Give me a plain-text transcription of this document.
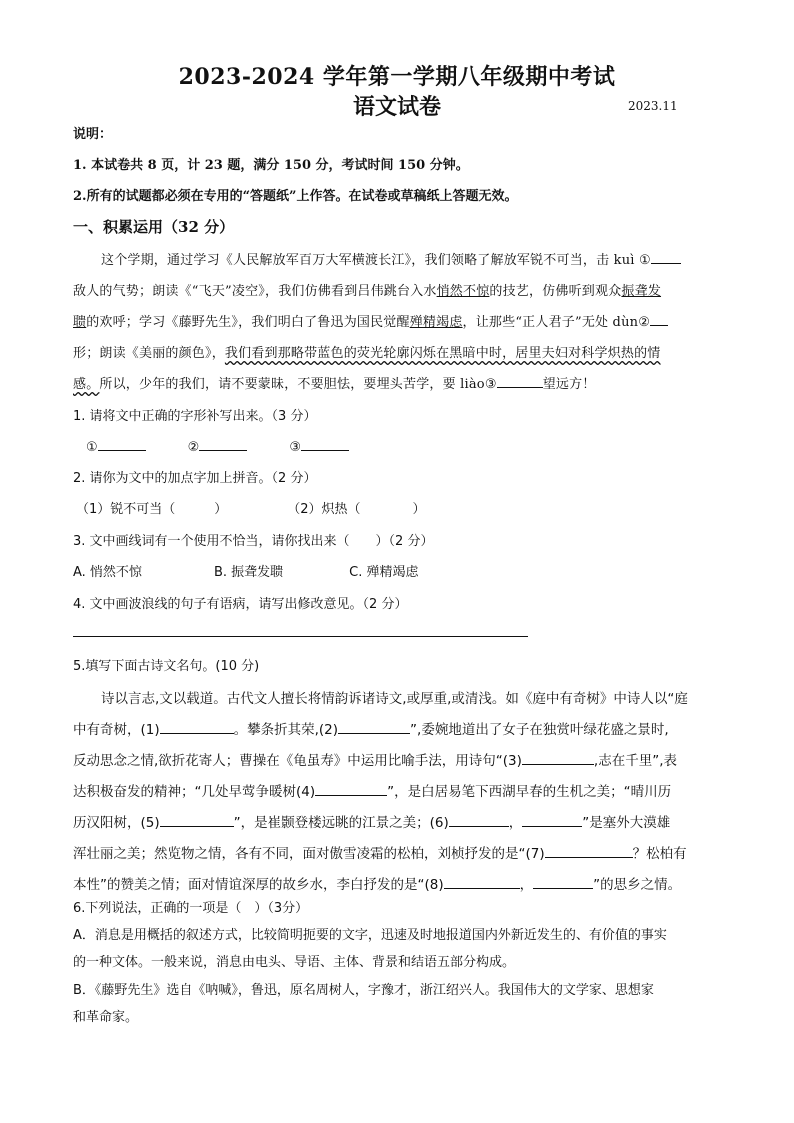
2023-2024 学年第一学期八年级期中考试
语文试卷	2023.11
说明：
1. 本试卷共 8 页，计 23 题，满分 150 分，考试时间 150 分钟。
2.所有的试题都必须在专用的“答题纸”上作答。在试卷或草稿纸上答题无效。
一、积累运用（32 分）
这个学期，通过学习《人民解放军百万大军横渡长江》，我们领略了解放军锐不可当，击 kuì ①
敌人的气势；朗读《“飞天”凌空》，我们仿佛看到吕伟跳台入水悄然不惊的技艺，仿佛听到观众振聋发
聩的欢呼；学习《藤野先生》，我们明白了鲁迅为国民觉醒殚精竭虑，让那些“正人君子”无处 dùn②
形；朗读《美丽的颜色》，我们看到那略带蓝色的荧光轮廓闪烁在黑暗中时，居里夫妇对科学炽热的情
感。所以，少年的我们，请不要蒙昧，不要胆怯，要埋头苦学，要 liào③	望远方！
1. 请将文中正确的字形补写出来。（3 分）
①	②	③
2. 请你为文中的加点字加上拼音。（2 分）
（1）锐不可当（　　　）	（2）炽热（　　　　）
3. 文中画线词有一个使用不恰当，请你找出来（　　）（2 分）
A. 悄然不惊	B. 振聋发聩	C. 殚精竭虑
4. 文中画波浪线的句子有语病，请写出修改意见。（2 分）
5.填写下面古诗文名句。(10 分)
诗以言志,文以载道。古代文人擅长将情韵诉诸诗文,或厚重,或清浅。如《庭中有奇树》中诗人以“庭
中有奇树，(1)	。攀条折其荣,(2)	”,委婉地道出了女子在独赏叶绿花盛之景时,
反动思念之情,欲折花寄人；曹操在《龟虽寿》中运用比喻手法，用诗句“(3)	,志在千里”,表
达积极奋发的精神；“几处早莺争暖树(4)	”，是白居易笔下西湖早春的生机之美；“晴川历
历汉阳树，(5)	”，是崔颢登楼远眺的江景之美；(6)	，	”是塞外大漠雄
浑壮丽之美；然览物之情，各有不同，面对傲雪凌霜的松柏，刘桢抒发的是“(7)	？松柏有
本性”的赞美之情；面对情谊深厚的故乡水，李白抒发的是“(8)	，	”的思乡之情。
6.下列说法，正确的一项是（　）（3分）
A．消息是用概括的叙述方式，比较简明扼要的文字，迅速及时地报道国内外新近发生的、有价值的事实
的一种文体。一般来说，消息由电头、导语、主体、背景和结语五部分构成。
B．《藤野先生》选自《呐喊》，鲁迅，原名周树人，字豫才，浙江绍兴人。我国伟大的文学家、思想家
和革命家。
